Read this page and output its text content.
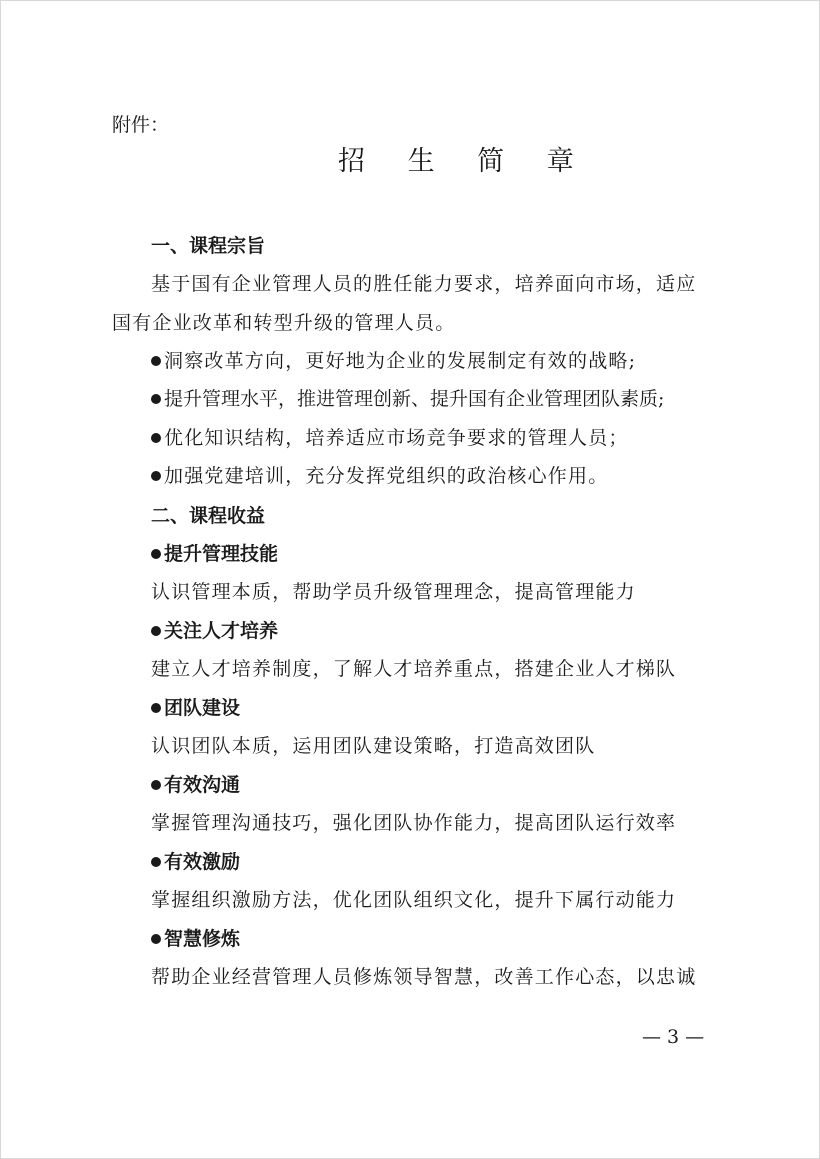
附件：
招 生 简 章
一、课程宗旨
基于国有企业管理人员的胜任能力要求，培养面向市场，适应
国有企业改革和转型升级的管理人员。
洞察改革方向，更好地为企业的发展制定有效的战略;
提升管理水平，推进管理创新、提升国有企业管理团队素质;
优化知识结构，培养适应市场竞争要求的管理人员；
加强党建培训，充分发挥党组织的政治核心作用。
二、课程收益
提升管理技能
认识管理本质，帮助学员升级管理理念，提高管理能力
关注人才培养
建立人才培养制度，了解人才培养重点，搭建企业人才梯队
团队建设
认识团队本质，运用团队建设策略，打造高效团队
有效沟通
掌握管理沟通技巧，强化团队协作能力，提高团队运行效率
有效激励
掌握组织激励方法，优化团队组织文化，提升下属行动能力
智慧修炼
帮助企业经营管理人员修炼领导智慧，改善工作心态，以忠诚
— 3 —
